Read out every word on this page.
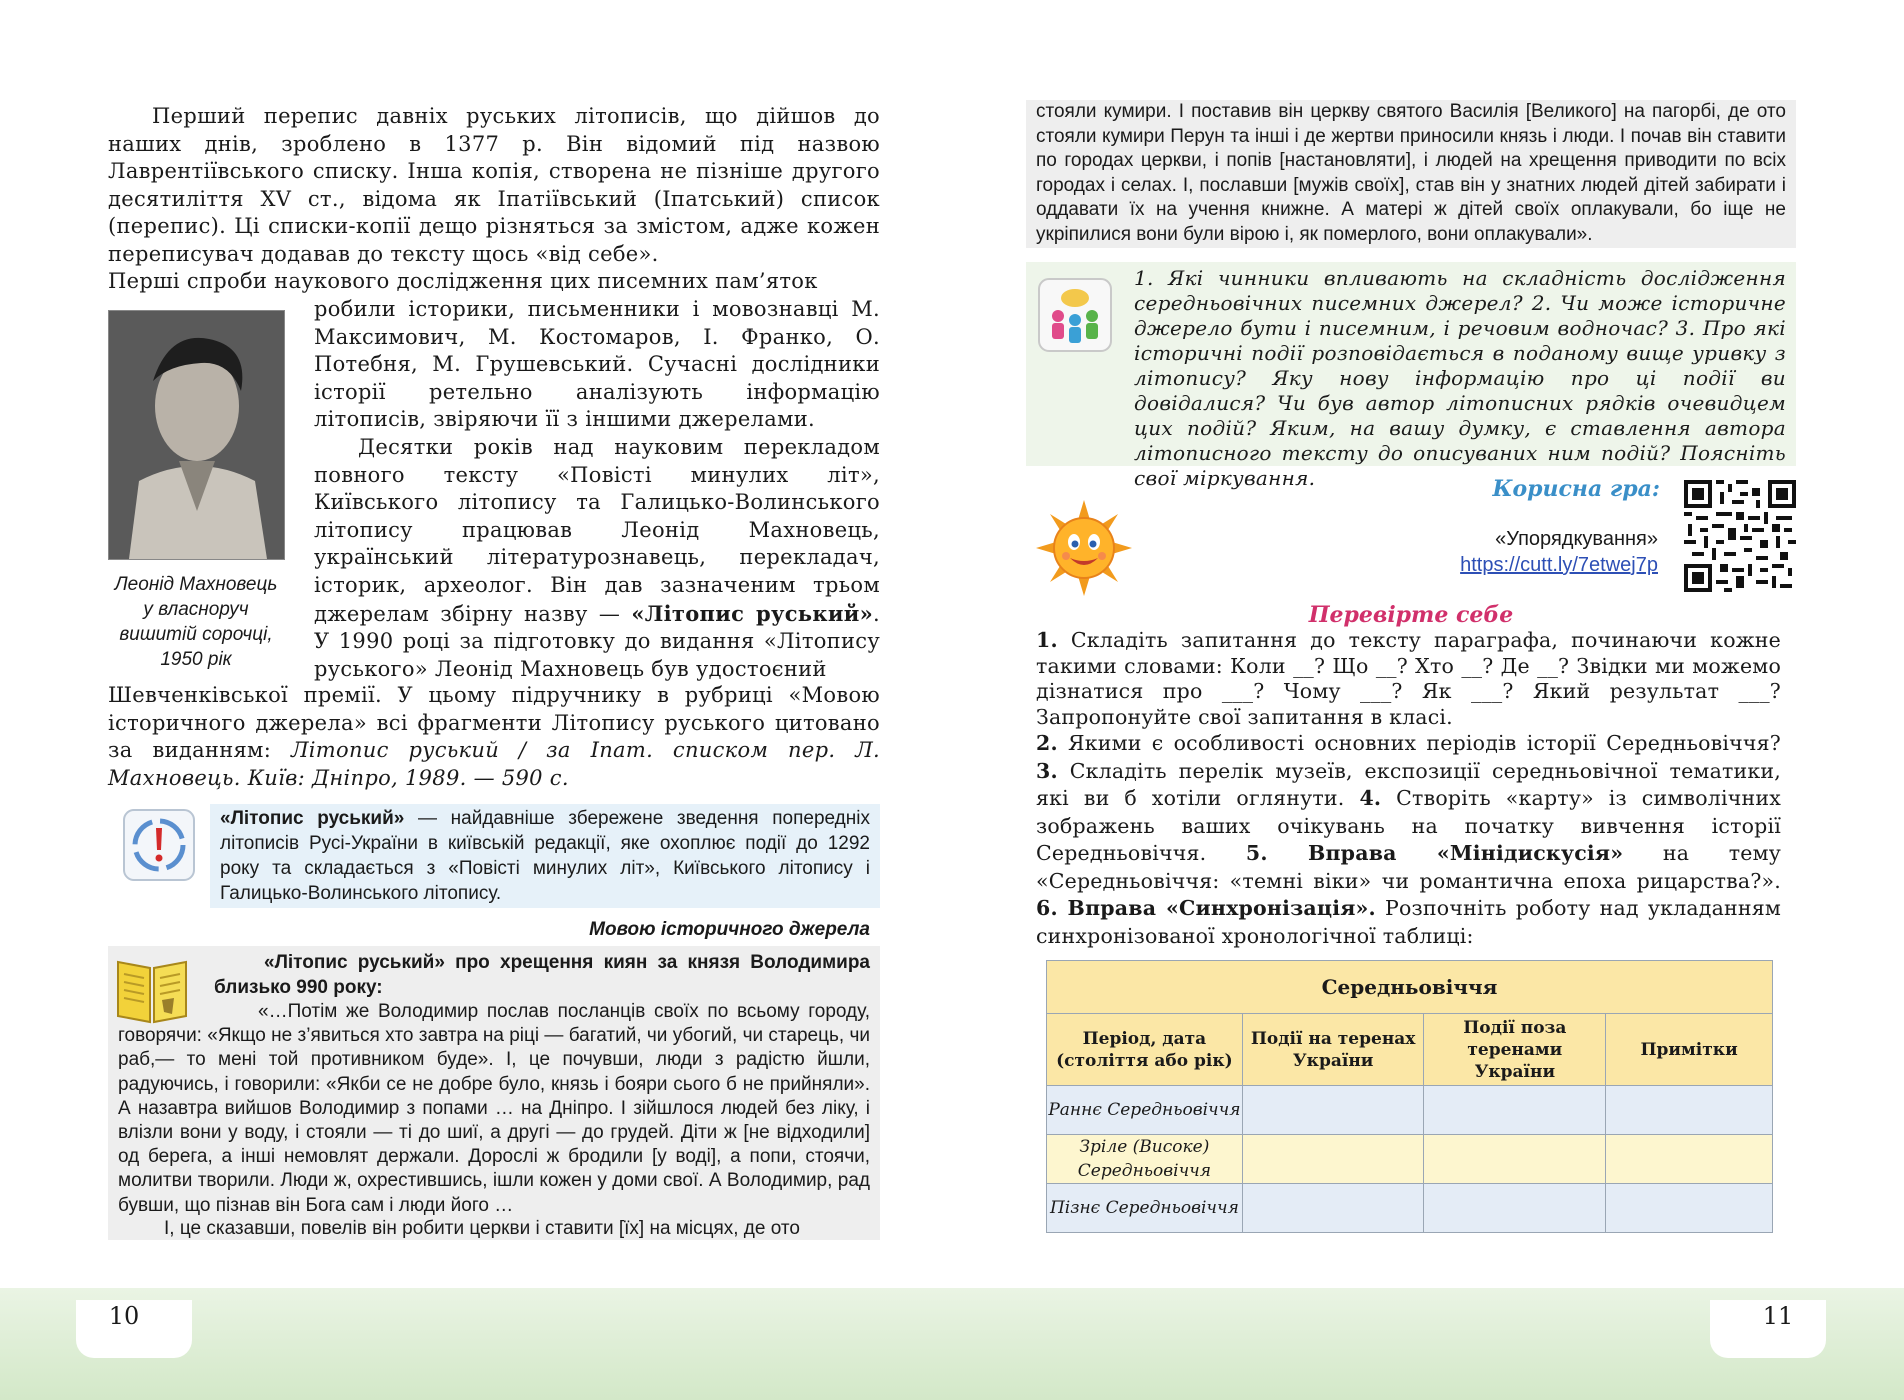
Перший перепис давніх руських літописів, що дійшов до наших днів, зроблено в 1377 р. Він відомий під назвою Лаврентіївського списку. Інша копія, створена не пізніше другого десятиліття XV ст., відома як Іпатіївський (Іпатський) список (перепис). Ці списки-копії дещо різняться за змістом, адже кожен переписувач додавав до тексту щось «від себе».
Перші спроби наукового дослідження цих писемних пам’яток
Леонід Махновець
у власноруч
вишитій сорочці,
1950 рік
робили історики, письменники і мовознавці М. Максимович, М. Костомаров, І. Франко, О. Потебня, М. Грушевський. Сучасні дослідники історії ретельно аналізують інформацію літописів, звіряючи її з іншими джерелами.
Десятки років над науковим перекладом повного тексту «Повісті минулих літ», Київського літопису та Галицько-Волинського літопису працював Леонід Махновець, український літературознавець, перекладач, історик, археолог. Він дав зазначеним трьом джерелам збірну назву — «Літопис руський». У 1990 році за підготовку до видання «Літопису руського» Леонід Махновець був удостоєний
Шевченківської премії. У цьому підручнику в рубриці «Мовою історичного джерела» всі фрагменти Літопису руського цитовано за виданням: Літопис руський / за Іпат. списком пер. Л. Махновець. Київ: Дніпро, 1989. — 590 с.
«Літопис руський» — найдавніше збережене зведення попередніх літописів Русі-України в київській редакції, яке охоплює події до 1292 року та складається з «Повісті минулих літ», Київського літопису і Галицько-Волинського літопису.
Мовою історичного джерела
«Літопис руський» про хрещення киян за князя Володимира близько 990 року:
«…Потім же Володимир послав посланців своїх по всьому городу, говорячи: «Якщо не з’явиться хто завтра на ріці — багатий, чи убогий, чи старець, чи раб,— то мені той противником буде». І, це почувши, люди з радістю йшли, радуючись, і говорили: «Якби се не добре було, князь і бояри сього б не прийняли». А назавтра вийшов Володимир з попами … на Дніпро. І зійшлося людей без ліку, і влізли вони у воду, і стояли — ті до шиї, а другі — до грудей. Діти ж [не відходили] од берега, а інші немовлят держали. Дорослі ж бродили [у воді], а попи, стоячи, молитви творили. Люди ж, охрестившись, ішли кожен у доми свої. А Володимир, рад бувши, що пізнав він Бога сам і люди його …
І, це сказавши, повелів він робити церкви і ставити [їх] на місцях, де ото
стояли кумири. І поставив він церкву святого Василія [Великого] на пагорбі, де ото стояли кумири Перун та інші і де жертви приносили князь і люди. І почав він ставити по городах церкви, і попів [настановляти], і людей на хрещення приводити по всіх городах і селах. І, пославши [мужів своїх], став він у знатних людей дітей забирати і оддавати їх на учення книжне. А матері ж дітей своїх оплакували, бо іще не укріпилися вони були вірою і, як померлого, вони оплакували».
1. Які чинники впливають на складність дослідження середньовічних писемних джерел? 2. Чи може історичне джерело бути і писемним, і речовим водночас? 3. Про які історичні події розповідається в поданому вище уривку з літопису? Яку нову інформацію про ці події ви довідалися? Чи був автор літописних рядків очевидцем цих подій? Яким, на вашу думку, є ставлення автора літописного тексту до описуваних ним подій? Поясніть свої міркування.	Корисна гра:
«Упорядкування»
https://cutt.ly/7etwej7p
Перевірте себе
1. Складіть запитання до тексту параграфа, починаючи кожне такими словами: Коли __? Що __? Хто __? Де __? Звідки ми можемо дізнатися про ___? Чому ___? Як ___? Який результат ___? Запропонуйте свої запитання в класі.
2. Якими є особливості основних періодів історії Середньовіччя? 3. Складіть перелік музеїв, експозиції середньовічної тематики, які ви б хотіли оглянути. 4. Створіть «карту» із символічних зображень ваших очікувань на початку вивчення історії Середньовіччя. 5. Вправа «Мінідискусія» на тему «Середньовіччя: «темні віки» чи романтична епоха рицарства?». 6. Вправа «Синхронізація». Розпочніть роботу над укладанням синхронізованої хронологічної таблиці:
Середньовіччя			
Період, дата (століття або рік)	Події на теренах України	Події поза теренами України	Примітки
Раннє Середньовіччя			
Зріле (Високе) Середньовіччя			
Пізнє Середньовіччя			
10	11
